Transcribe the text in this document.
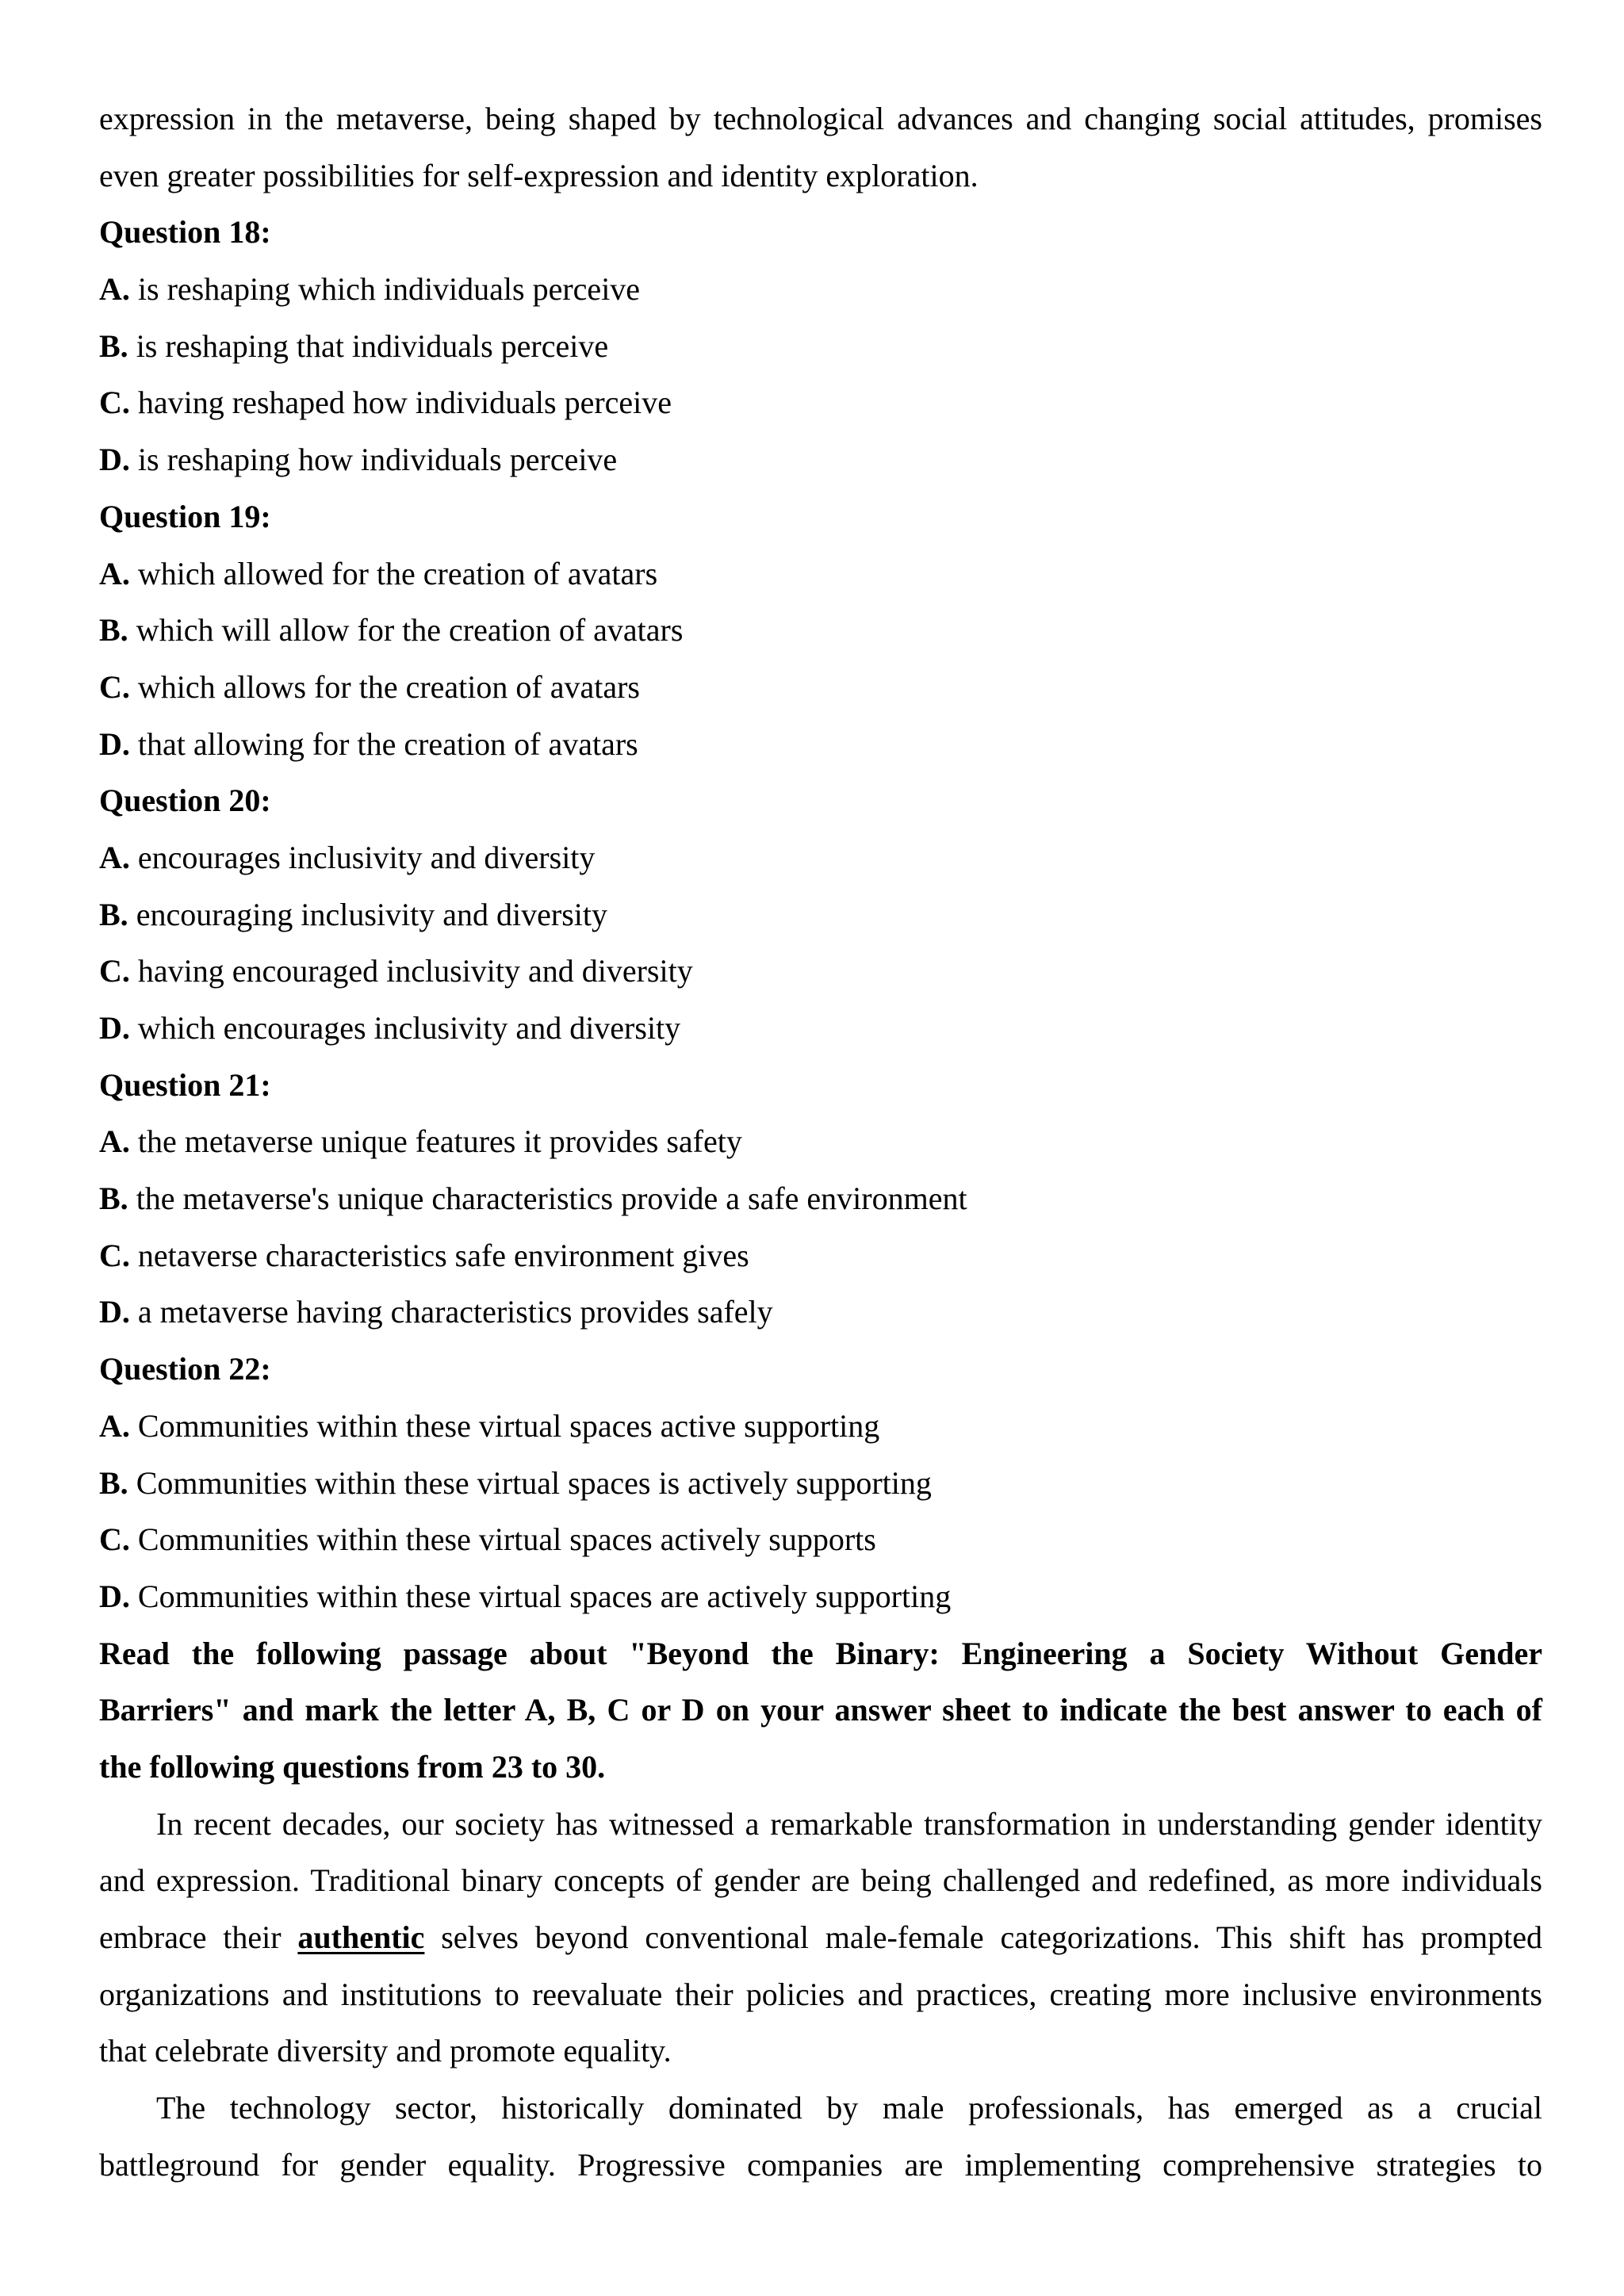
expression in the metaverse, being shaped by technological advances and changing social attitudes, promises
even greater possibilities for self-expression and identity exploration.
Question 18:
A. is reshaping which individuals perceive
B. is reshaping that individuals perceive
C. having reshaped how individuals perceive
D. is reshaping how individuals perceive
Question 19:
A. which allowed for the creation of avatars
B. which will allow for the creation of avatars
C. which allows for the creation of avatars
D. that allowing for the creation of avatars
Question 20:
A. encourages inclusivity and diversity
B. encouraging inclusivity and diversity
C. having encouraged inclusivity and diversity
D. which encourages inclusivity and diversity
Question 21:
A. the metaverse unique features it provides safety
B. the metaverse's unique characteristics provide a safe environment
C. netaverse characteristics safe environment gives
D. a metaverse having characteristics provides safely
Question 22:
A. Communities within these virtual spaces active supporting
B. Communities within these virtual spaces is actively supporting
C. Communities within these virtual spaces actively supports
D. Communities within these virtual spaces are actively supporting
Read the following passage about "Beyond the Binary: Engineering a Society Without Gender
Barriers" and mark the letter A, B, C or D on your answer sheet to indicate the best answer to each of
the following questions from 23 to 30.
In recent decades, our society has witnessed a remarkable transformation in understanding gender identity
and expression. Traditional binary concepts of gender are being challenged and redefined, as more individuals
embrace their authentic selves beyond conventional male-female categorizations. This shift has prompted
organizations and institutions to reevaluate their policies and practices, creating more inclusive environments
that celebrate diversity and promote equality.
The technology sector, historically dominated by male professionals, has emerged as a crucial
battleground for gender equality. Progressive companies are implementing comprehensive strategies to
